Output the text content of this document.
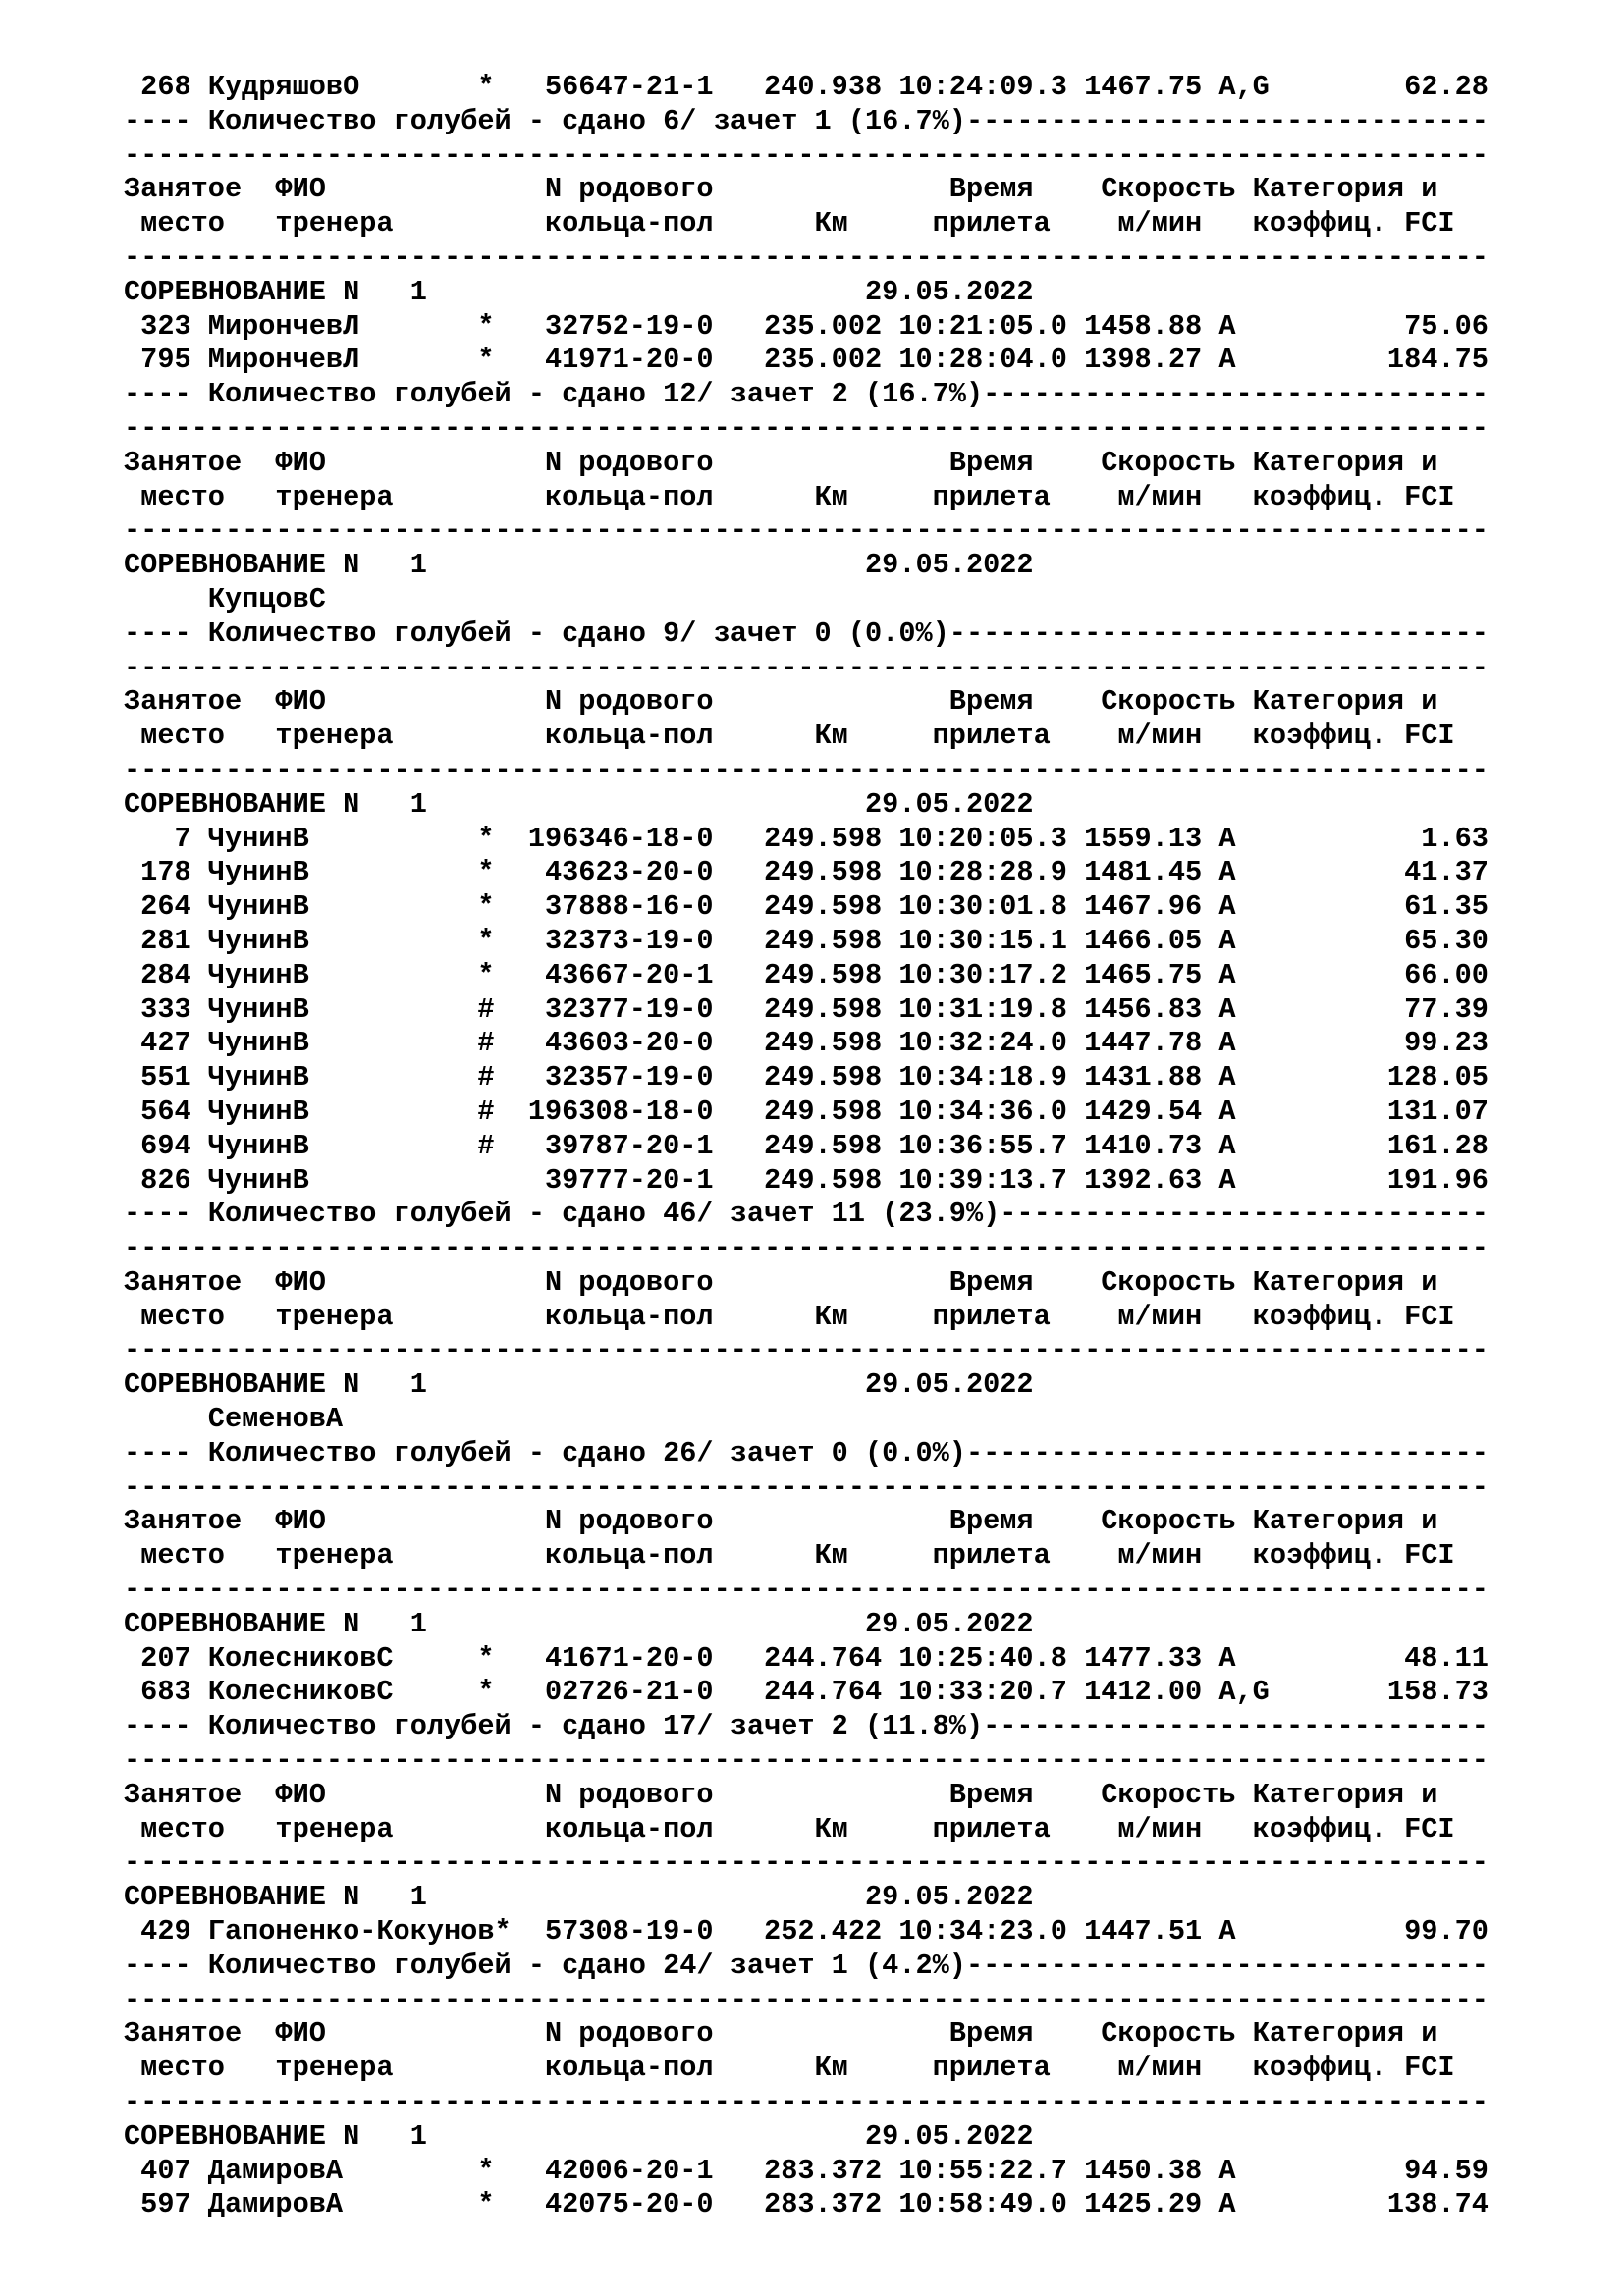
268 КудряшовО       *   56647-21-1   240.938 10:24:09.3 1467.75 A,G        62.28
---- Количество голубей - сдано 6/ зачет 1 (16.7%)-------------------------------
---------------------------------------------------------------------------------
Занятое  ФИО             N родового              Время    Скорость Категория и
место   тренера         кольца-пол      Км     прилета    м/мин   коэффиц. FCI
---------------------------------------------------------------------------------
СОРЕВНОВАНИЕ N   1                          29.05.2022
323 МирончевЛ       *   32752-19-0   235.002 10:21:05.0 1458.88 A          75.06
795 МирончевЛ       *   41971-20-0   235.002 10:28:04.0 1398.27 A         184.75
---- Количество голубей - сдано 12/ зачет 2 (16.7%)------------------------------
---------------------------------------------------------------------------------
Занятое  ФИО             N родового              Время    Скорость Категория и
место   тренера         кольца-пол      Км     прилета    м/мин   коэффиц. FCI
---------------------------------------------------------------------------------
СОРЕВНОВАНИЕ N   1                          29.05.2022
КупцовС
---- Количество голубей - сдано 9/ зачет 0 (0.0%)--------------------------------
---------------------------------------------------------------------------------
Занятое  ФИО             N родового              Время    Скорость Категория и
место   тренера         кольца-пол      Км     прилета    м/мин   коэффиц. FCI
---------------------------------------------------------------------------------
СОРЕВНОВАНИЕ N   1                          29.05.2022
7 ЧунинВ          *  196346-18-0   249.598 10:20:05.3 1559.13 A           1.63
178 ЧунинВ          *   43623-20-0   249.598 10:28:28.9 1481.45 A          41.37
264 ЧунинВ          *   37888-16-0   249.598 10:30:01.8 1467.96 A          61.35
281 ЧунинВ          *   32373-19-0   249.598 10:30:15.1 1466.05 A          65.30
284 ЧунинВ          *   43667-20-1   249.598 10:30:17.2 1465.75 A          66.00
333 ЧунинВ          #   32377-19-0   249.598 10:31:19.8 1456.83 A          77.39
427 ЧунинВ          #   43603-20-0   249.598 10:32:24.0 1447.78 A          99.23
551 ЧунинВ          #   32357-19-0   249.598 10:34:18.9 1431.88 A         128.05
564 ЧунинВ          #  196308-18-0   249.598 10:34:36.0 1429.54 A         131.07
694 ЧунинВ          #   39787-20-1   249.598 10:36:55.7 1410.73 A         161.28
826 ЧунинВ              39777-20-1   249.598 10:39:13.7 1392.63 A         191.96
---- Количество голубей - сдано 46/ зачет 11 (23.9%)-----------------------------
---------------------------------------------------------------------------------
Занятое  ФИО             N родового              Время    Скорость Категория и
место   тренера         кольца-пол      Км     прилета    м/мин   коэффиц. FCI
---------------------------------------------------------------------------------
СОРЕВНОВАНИЕ N   1                          29.05.2022
СеменовА
---- Количество голубей - сдано 26/ зачет 0 (0.0%)-------------------------------
---------------------------------------------------------------------------------
Занятое  ФИО             N родового              Время    Скорость Категория и
место   тренера         кольца-пол      Км     прилета    м/мин   коэффиц. FCI
---------------------------------------------------------------------------------
СОРЕВНОВАНИЕ N   1                          29.05.2022
207 КолесниковС     *   41671-20-0   244.764 10:25:40.8 1477.33 A          48.11
683 КолесниковС     *   02726-21-0   244.764 10:33:20.7 1412.00 A,G       158.73
---- Количество голубей - сдано 17/ зачет 2 (11.8%)------------------------------
---------------------------------------------------------------------------------
Занятое  ФИО             N родового              Время    Скорость Категория и
место   тренера         кольца-пол      Км     прилета    м/мин   коэффиц. FCI
---------------------------------------------------------------------------------
СОРЕВНОВАНИЕ N   1                          29.05.2022
429 Гапоненко-Кокунов*  57308-19-0   252.422 10:34:23.0 1447.51 A          99.70
---- Количество голубей - сдано 24/ зачет 1 (4.2%)-------------------------------
---------------------------------------------------------------------------------
Занятое  ФИО             N родового              Время    Скорость Категория и
место   тренера         кольца-пол      Км     прилета    м/мин   коэффиц. FCI
---------------------------------------------------------------------------------
СОРЕВНОВАНИЕ N   1                          29.05.2022
407 ДамировА        *   42006-20-1   283.372 10:55:22.7 1450.38 A          94.59
597 ДамировА        *   42075-20-0   283.372 10:58:49.0 1425.29 A         138.74
